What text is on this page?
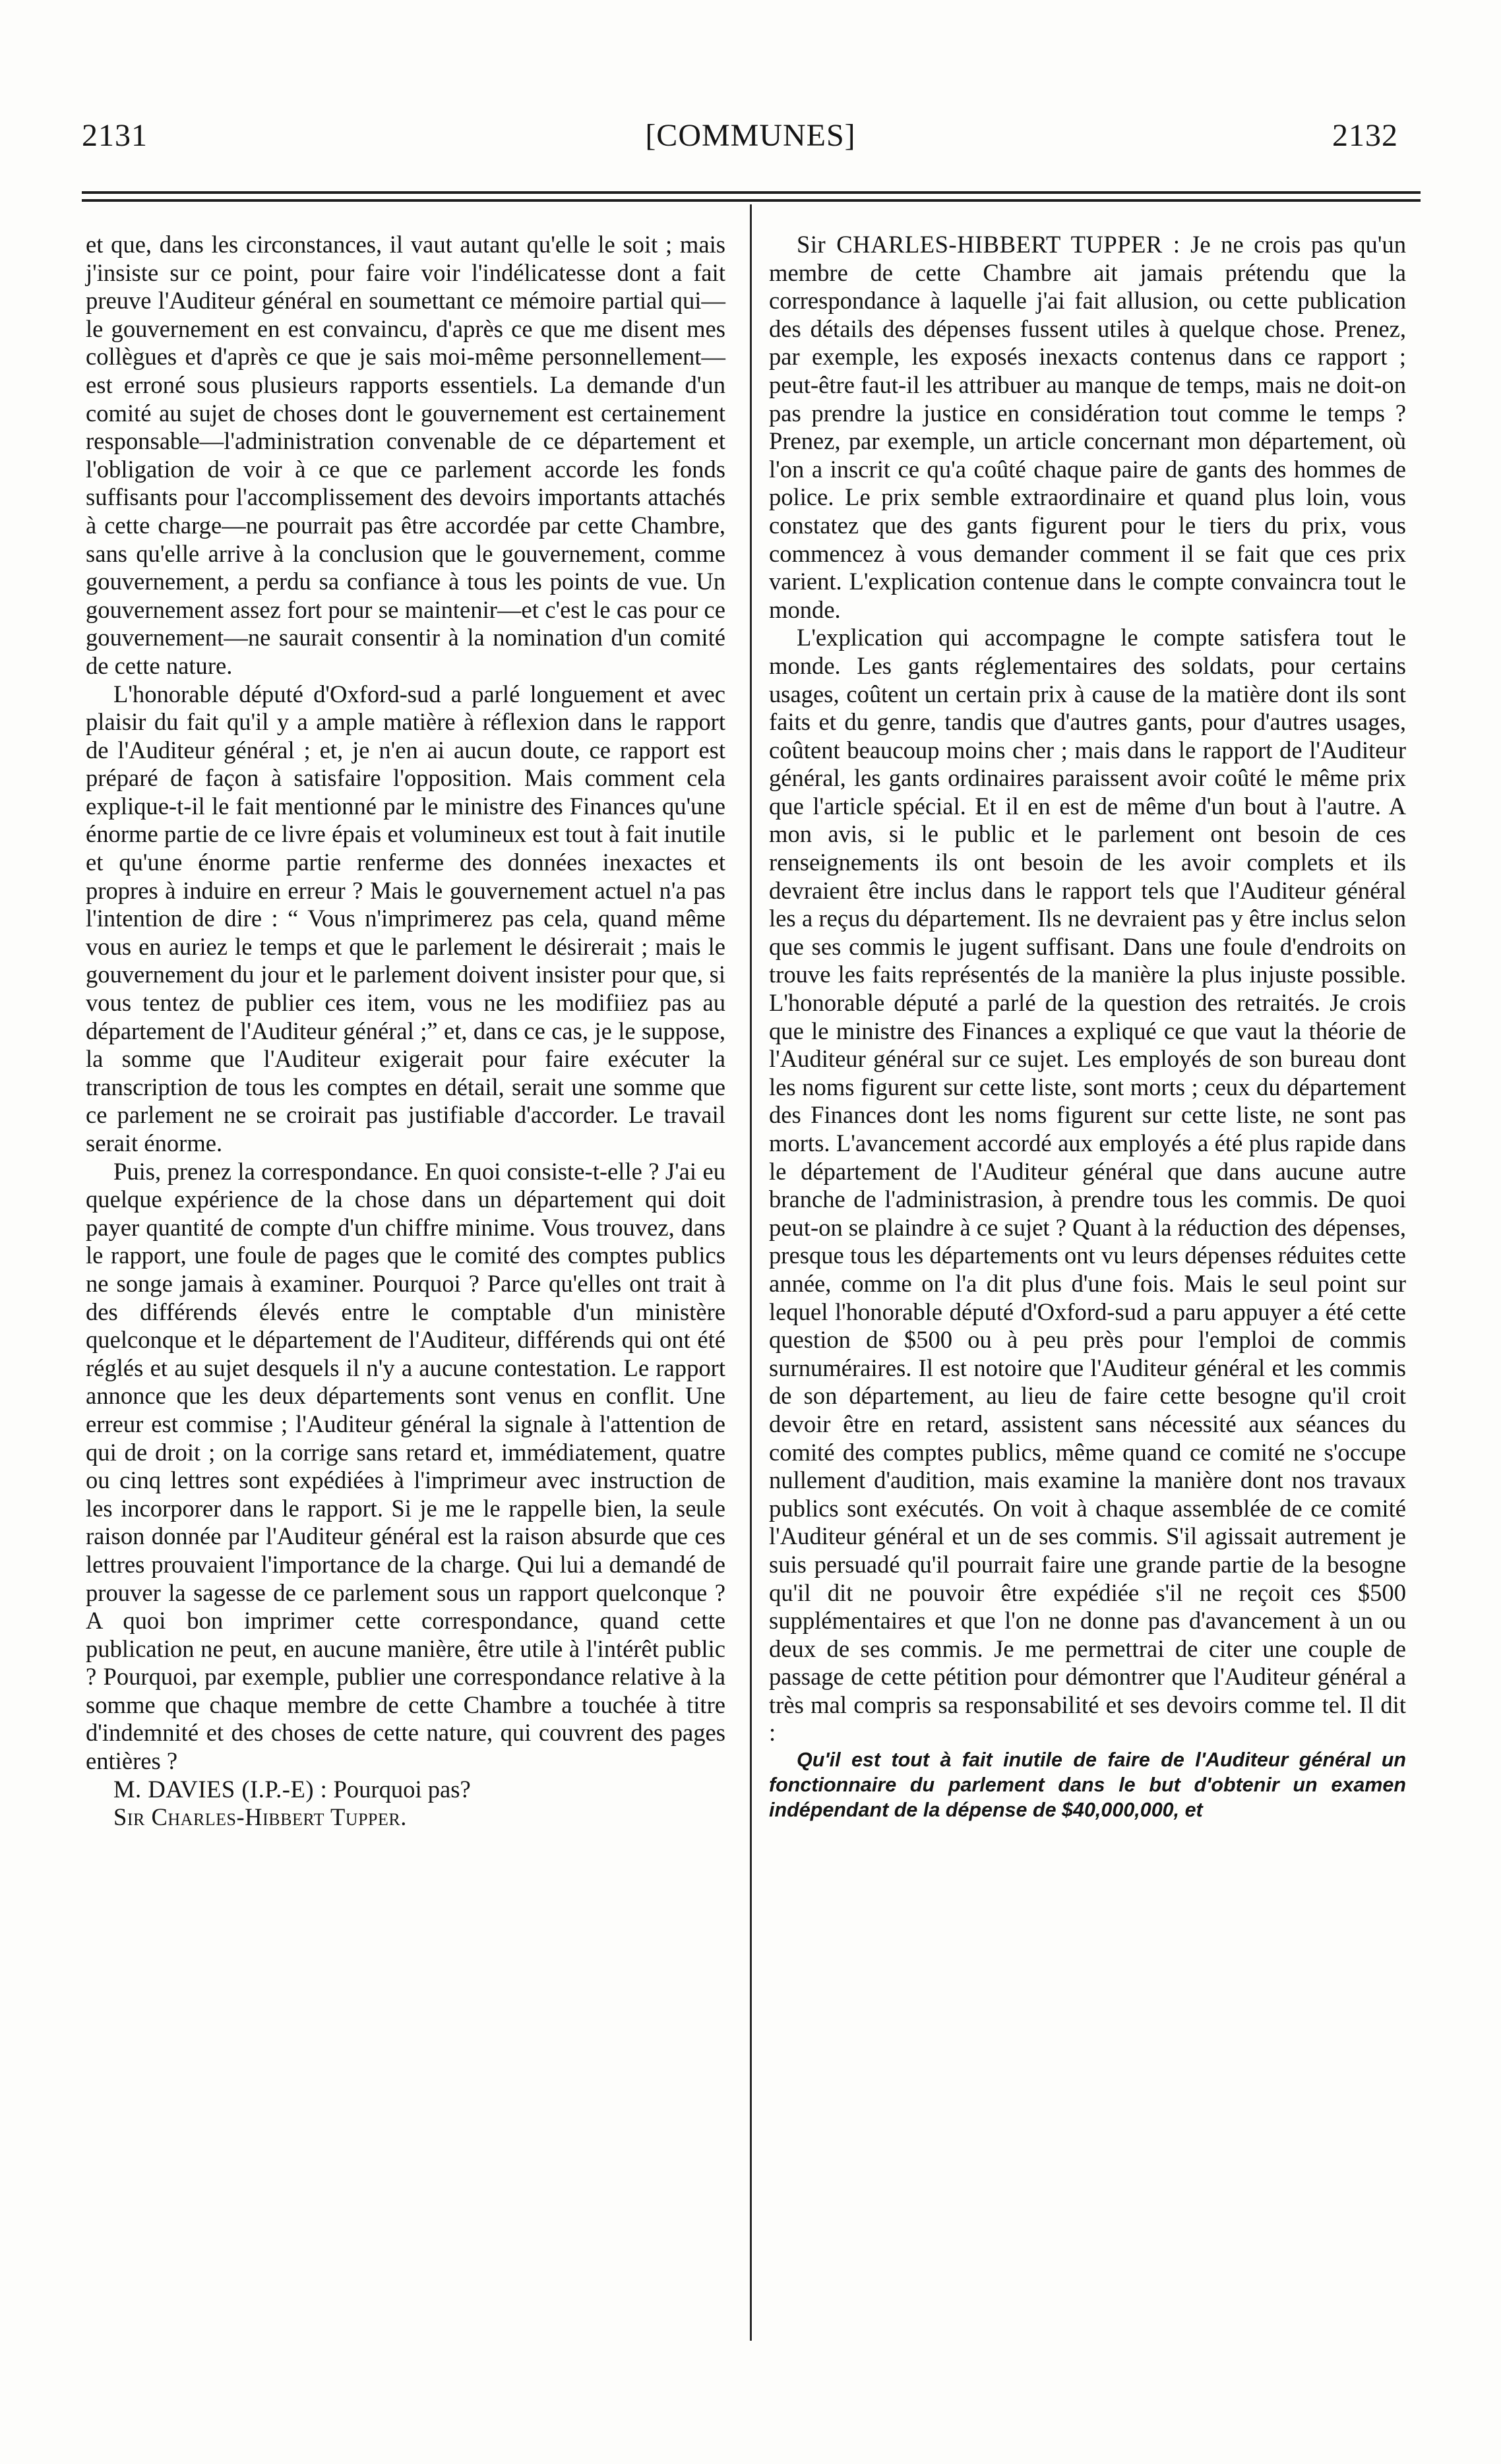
[COMMUNES]
2131	2132

et que, dans les circonstances, il vaut autant qu'elle le soit ; mais j'insiste sur ce point, pour faire voir l'indélicatesse dont a fait preuve l'Auditeur général en soumettant ce mémoire partial qui—le gouvernement en est convaincu, d'après ce que me disent mes collègues et d'après ce que je sais moi-même personnellement—est erroné sous plusieurs rapports essentiels. La demande d'un comité au sujet de choses dont le gouvernement est certainement responsable—l'administration convenable de ce département et l'obligation de voir à ce que ce parlement accorde les fonds suffisants pour l'accomplissement des devoirs importants attachés à cette charge—ne pourrait pas être accordée par cette Chambre, sans qu'elle arrive à la conclusion que le gouvernement, comme gouvernement, a perdu sa confiance à tous les points de vue. Un gouvernement assez fort pour se maintenir—et c'est le cas pour ce gouvernement—ne saurait consentir à la nomination d'un comité de cette nature.

L'honorable député d'Oxford-sud a parlé longuement et avec plaisir du fait qu'il y a ample matière à réflexion dans le rapport de l'Auditeur général ; et, je n'en ai aucun doute, ce rapport est préparé de façon à satisfaire l'opposition. Mais comment cela explique-t-il le fait mentionné par le ministre des Finances qu'une énorme partie de ce livre épais et volumineux est tout à fait inutile et qu'une énorme partie renferme des données inexactes et propres à induire en erreur ? Mais le gouvernement actuel n'a pas l'intention de dire : “ Vous n'imprimerez pas cela, quand même vous en auriez le temps et que le parlement le désirerait ; mais le gouvernement du jour et le parlement doivent insister pour que, si vous tentez de publier ces item, vous ne les modifiiez pas au département de l'Auditeur général ;” et, dans ce cas, je le suppose, la somme que l'Auditeur exigerait pour faire exécuter la transcription de tous les comptes en détail, serait une somme que ce parlement ne se croirait pas justifiable d'accorder. Le travail serait énorme.

Puis, prenez la correspondance. En quoi consiste-t-elle ? J'ai eu quelque expérience de la chose dans un département qui doit payer quantité de compte d'un chiffre minime. Vous trouvez, dans le rapport, une foule de pages que le comité des comptes publics ne songe jamais à examiner. Pourquoi ? Parce qu'elles ont trait à des différends élevés entre le comptable d'un ministère quelconque et le département de l'Auditeur, différends qui ont été réglés et au sujet desquels il n'y a aucune contestation. Le rapport annonce que les deux départements sont venus en conflit. Une erreur est commise ; l'Auditeur général la signale à l'attention de qui de droit ; on la corrige sans retard et, immédiatement, quatre ou cinq lettres sont expédiées à l'imprimeur avec instruction de les incorporer dans le rapport. Si je me le rappelle bien, la seule raison donnée par l'Auditeur général est la raison absurde que ces lettres prouvaient l'importance de la charge. Qui lui a demandé de prouver la sagesse de ce parlement sous un rapport quelconque ? A quoi bon imprimer cette correspondance, quand cette publication ne peut, en aucune manière, être utile à l'intérêt public ? Pourquoi, par exemple, publier une correspondance relative à la somme que chaque membre de cette Chambre a touchée à titre d'indemnité et des choses de cette nature, qui couvrent des pages entières ?

M. DAVIES (I.P.-E) : Pourquoi pas?

Sir Charles-Hibbert Tupper.

Sir CHARLES-HIBBERT TUPPER : Je ne crois pas qu'un membre de cette Chambre ait jamais prétendu que la correspondance à laquelle j'ai fait allusion, ou cette publication des détails des dépenses fussent utiles à quelque chose. Prenez, par exemple, les exposés inexacts contenus dans ce rapport ; peut-être faut-il les attribuer au manque de temps, mais ne doit-on pas prendre la justice en considération tout comme le temps ? Prenez, par exemple, un article concernant mon département, où l'on a inscrit ce qu'a coûté chaque paire de gants des hommes de police. Le prix semble extraordinaire et quand plus loin, vous constatez que des gants figurent pour le tiers du prix, vous commencez à vous demander comment il se fait que ces prix varient. L'explication contenue dans le compte convaincra tout le monde.

L'explication qui accompagne le compte satisfera tout le monde. Les gants réglementaires des soldats, pour certains usages, coûtent un certain prix à cause de la matière dont ils sont faits et du genre, tandis que d'autres gants, pour d'autres usages, coûtent beaucoup moins cher ; mais dans le rapport de l'Auditeur général, les gants ordinaires paraissent avoir coûté le même prix que l'article spécial. Et il en est de même d'un bout à l'autre. A mon avis, si le public et le parlement ont besoin de ces renseignements ils ont besoin de les avoir complets et ils devraient être inclus dans le rapport tels que l'Auditeur général les a reçus du département. Ils ne devraient pas y être inclus selon que ses commis le jugent suffisant. Dans une foule d'endroits on trouve les faits représentés de la manière la plus injuste possible. L'honorable député a parlé de la question des retraités. Je crois que le ministre des Finances a expliqué ce que vaut la théorie de l'Auditeur général sur ce sujet. Les employés de son bureau dont les noms figurent sur cette liste, sont morts ; ceux du département des Finances dont les noms figurent sur cette liste, ne sont pas morts. L'avancement accordé aux employés a été plus rapide dans le département de l'Auditeur général que dans aucune autre branche de l'administrasion, à prendre tous les commis. De quoi peut-on se plaindre à ce sujet ? Quant à la réduction des dépenses, presque tous les départements ont vu leurs dépenses réduites cette année, comme on l'a dit plus d'une fois. Mais le seul point sur lequel l'honorable député d'Oxford-sud a paru appuyer a été cette question de $500 ou à peu près pour l'emploi de commis surnuméraires. Il est notoire que l'Auditeur général et les commis de son département, au lieu de faire cette besogne qu'il croit devoir être en retard, assistent sans nécessité aux séances du comité des comptes publics, même quand ce comité ne s'occupe nullement d'audition, mais examine la manière dont nos travaux publics sont exécutés. On voit à chaque assemblée de ce comité l'Auditeur général et un de ses commis. S'il agissait autrement je suis persuadé qu'il pourrait faire une grande partie de la besogne qu'il dit ne pouvoir être expédiée s'il ne reçoit ces $500 supplémentaires et que l'on ne donne pas d'avancement à un ou deux de ses commis. Je me permettrai de citer une couple de passage de cette pétition pour démontrer que l'Auditeur général a très mal compris sa responsabilité et ses devoirs comme tel. Il dit :

Qu'il est tout à fait inutile de faire de l'Auditeur général un fonctionnaire du parlement dans le but d'obtenir un examen indépendant de la dépense de $40,000,000, et
